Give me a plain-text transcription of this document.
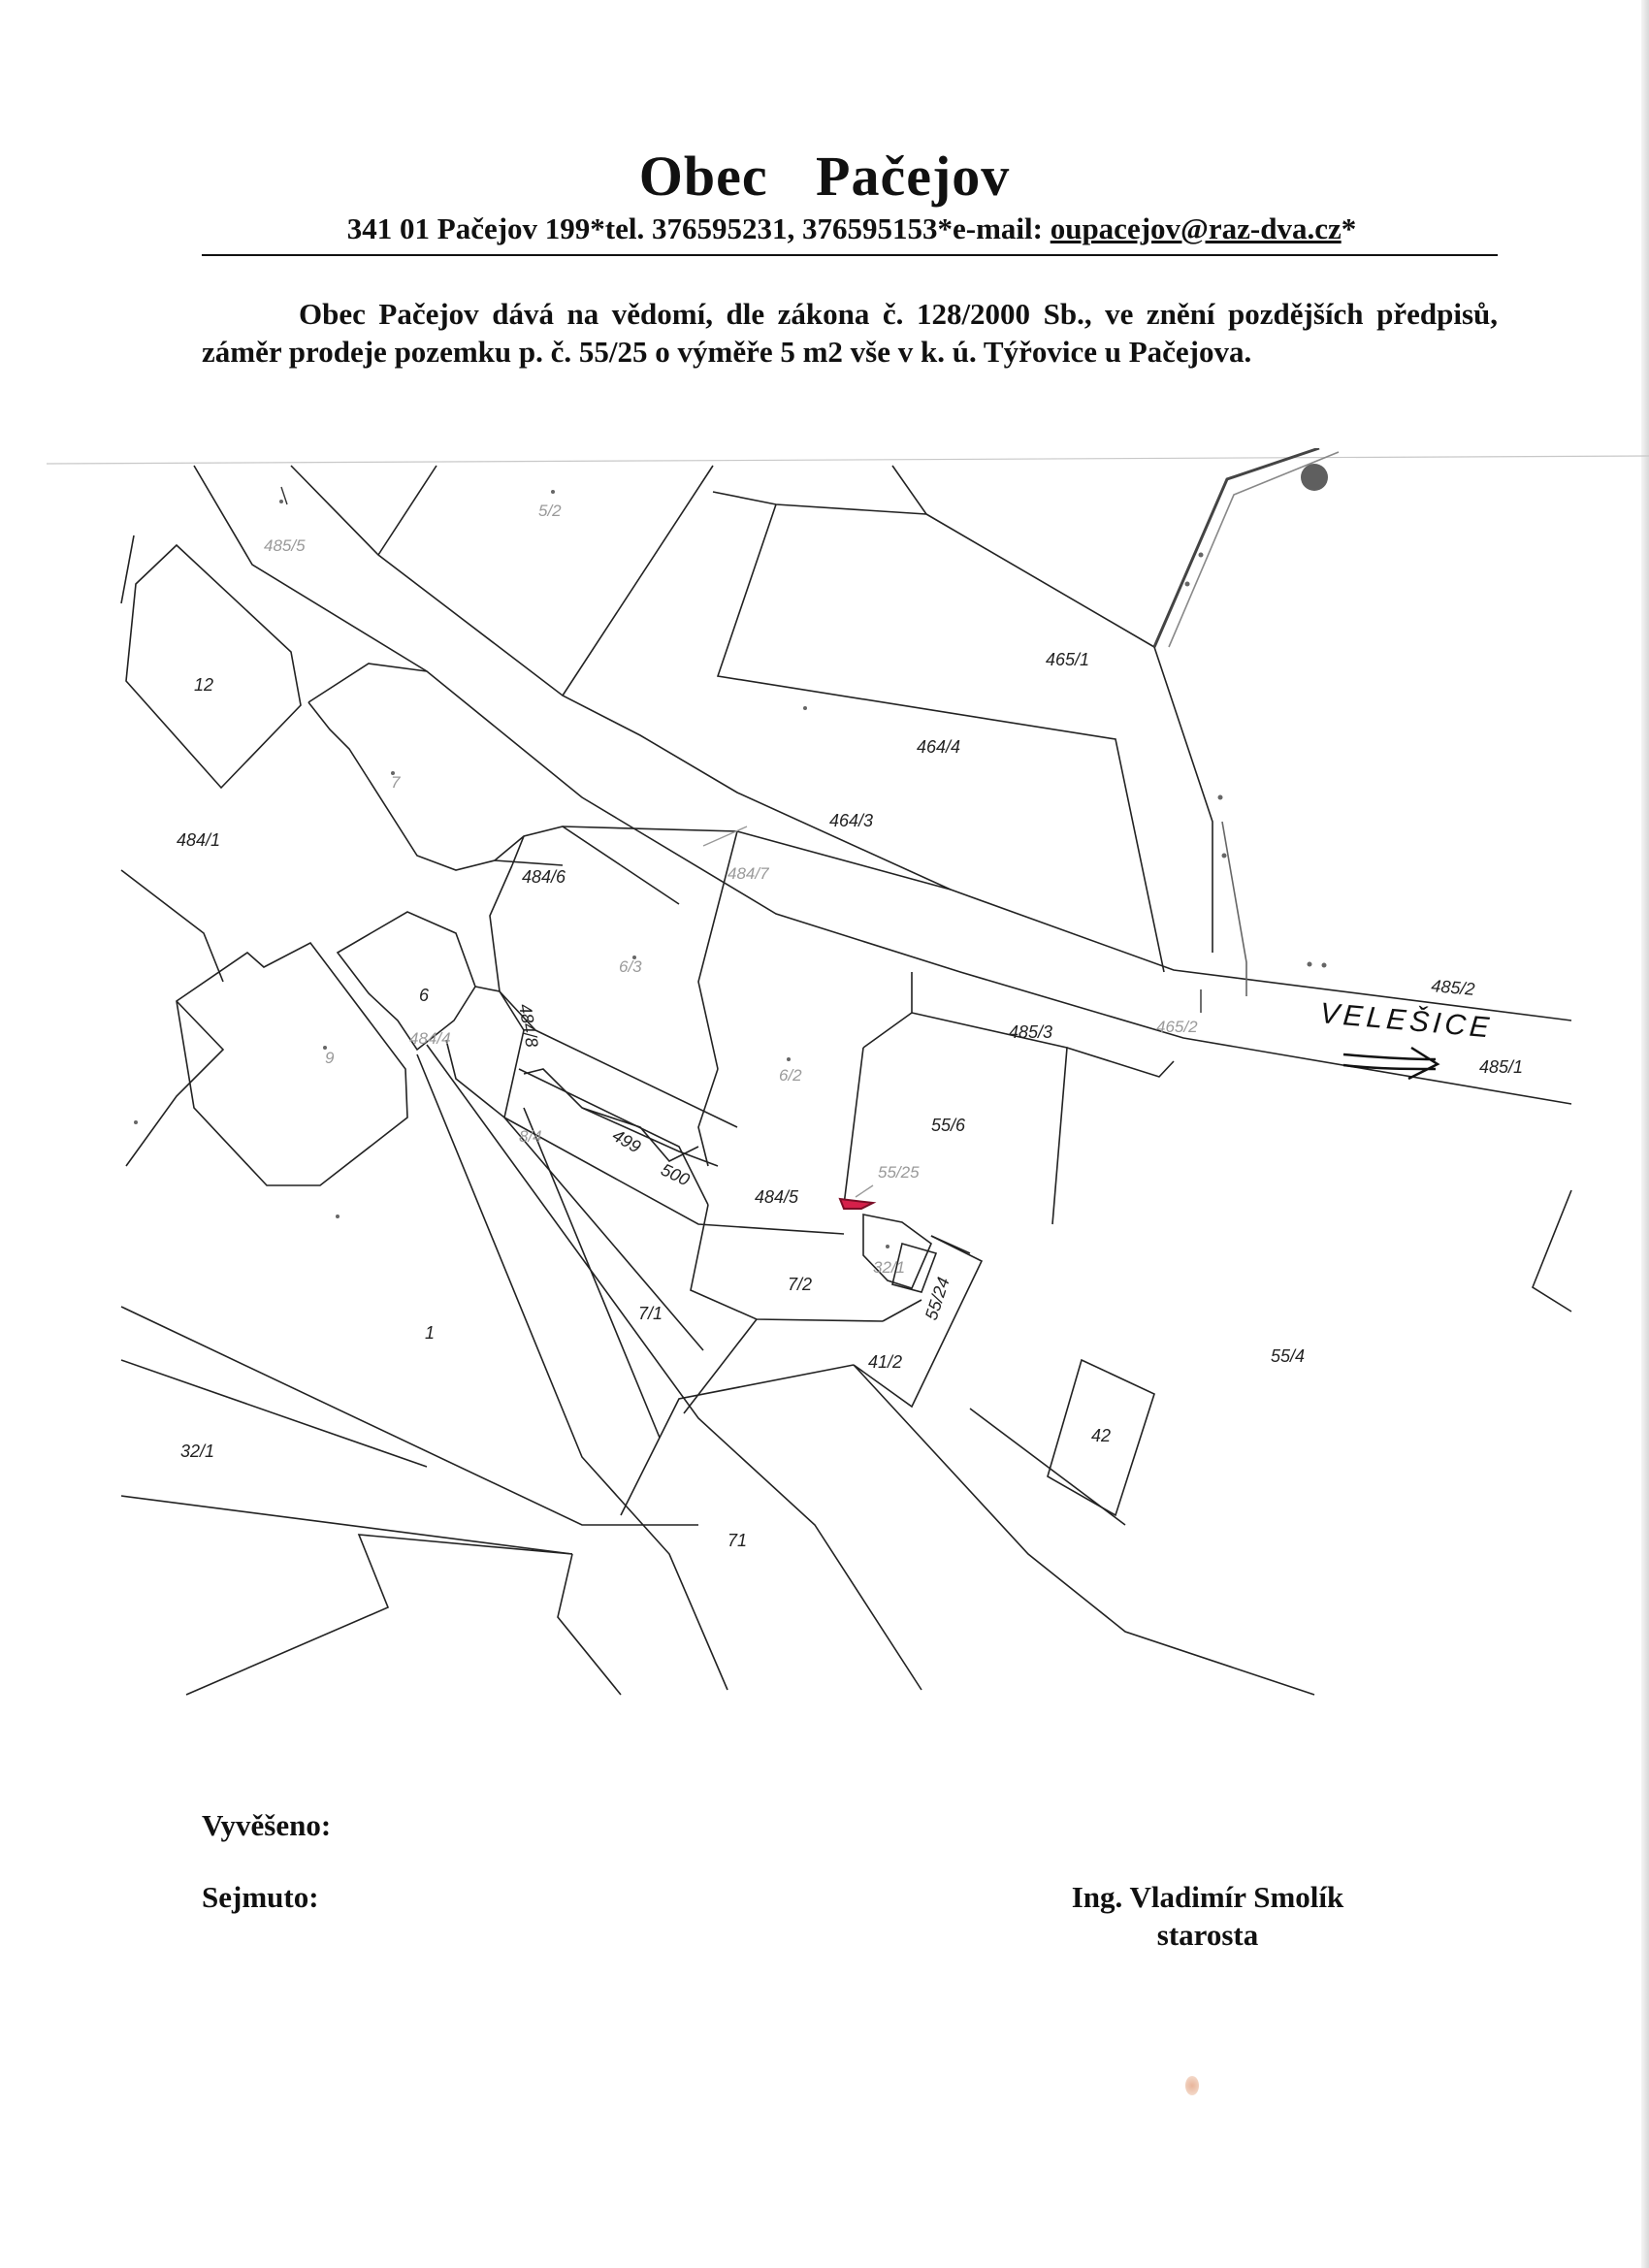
Obec Pačejov
341 01 Pačejov 199*tel. 376595231, 376595153*e-mail: oupacejov@raz-dva.cz*
Obec Pačejov dává na vědomí, dle zákona č. 128/2000 Sb., ve znění pozdějších předpisů, záměr prodeje pozemku p. č. 55/25 o výměře 5 m2 vše v k. ú. Týřovice u Pačejova.
485/5
5/2
465/1
12
464/4
7
464/3
484/1
484/6	484/7
6
6/3
484/4	484/8
9
485/3	465/2
485/2
485/1
6/2
55/6
8/4	499
500
484/5
55/25
32/1
7/2	55/24
7/1
1
41/2	55/4
42
32/1
71
VELEŠICE
Vyvěšeno:
Sejmuto:	Ing. Vladimír Smolík
starosta
